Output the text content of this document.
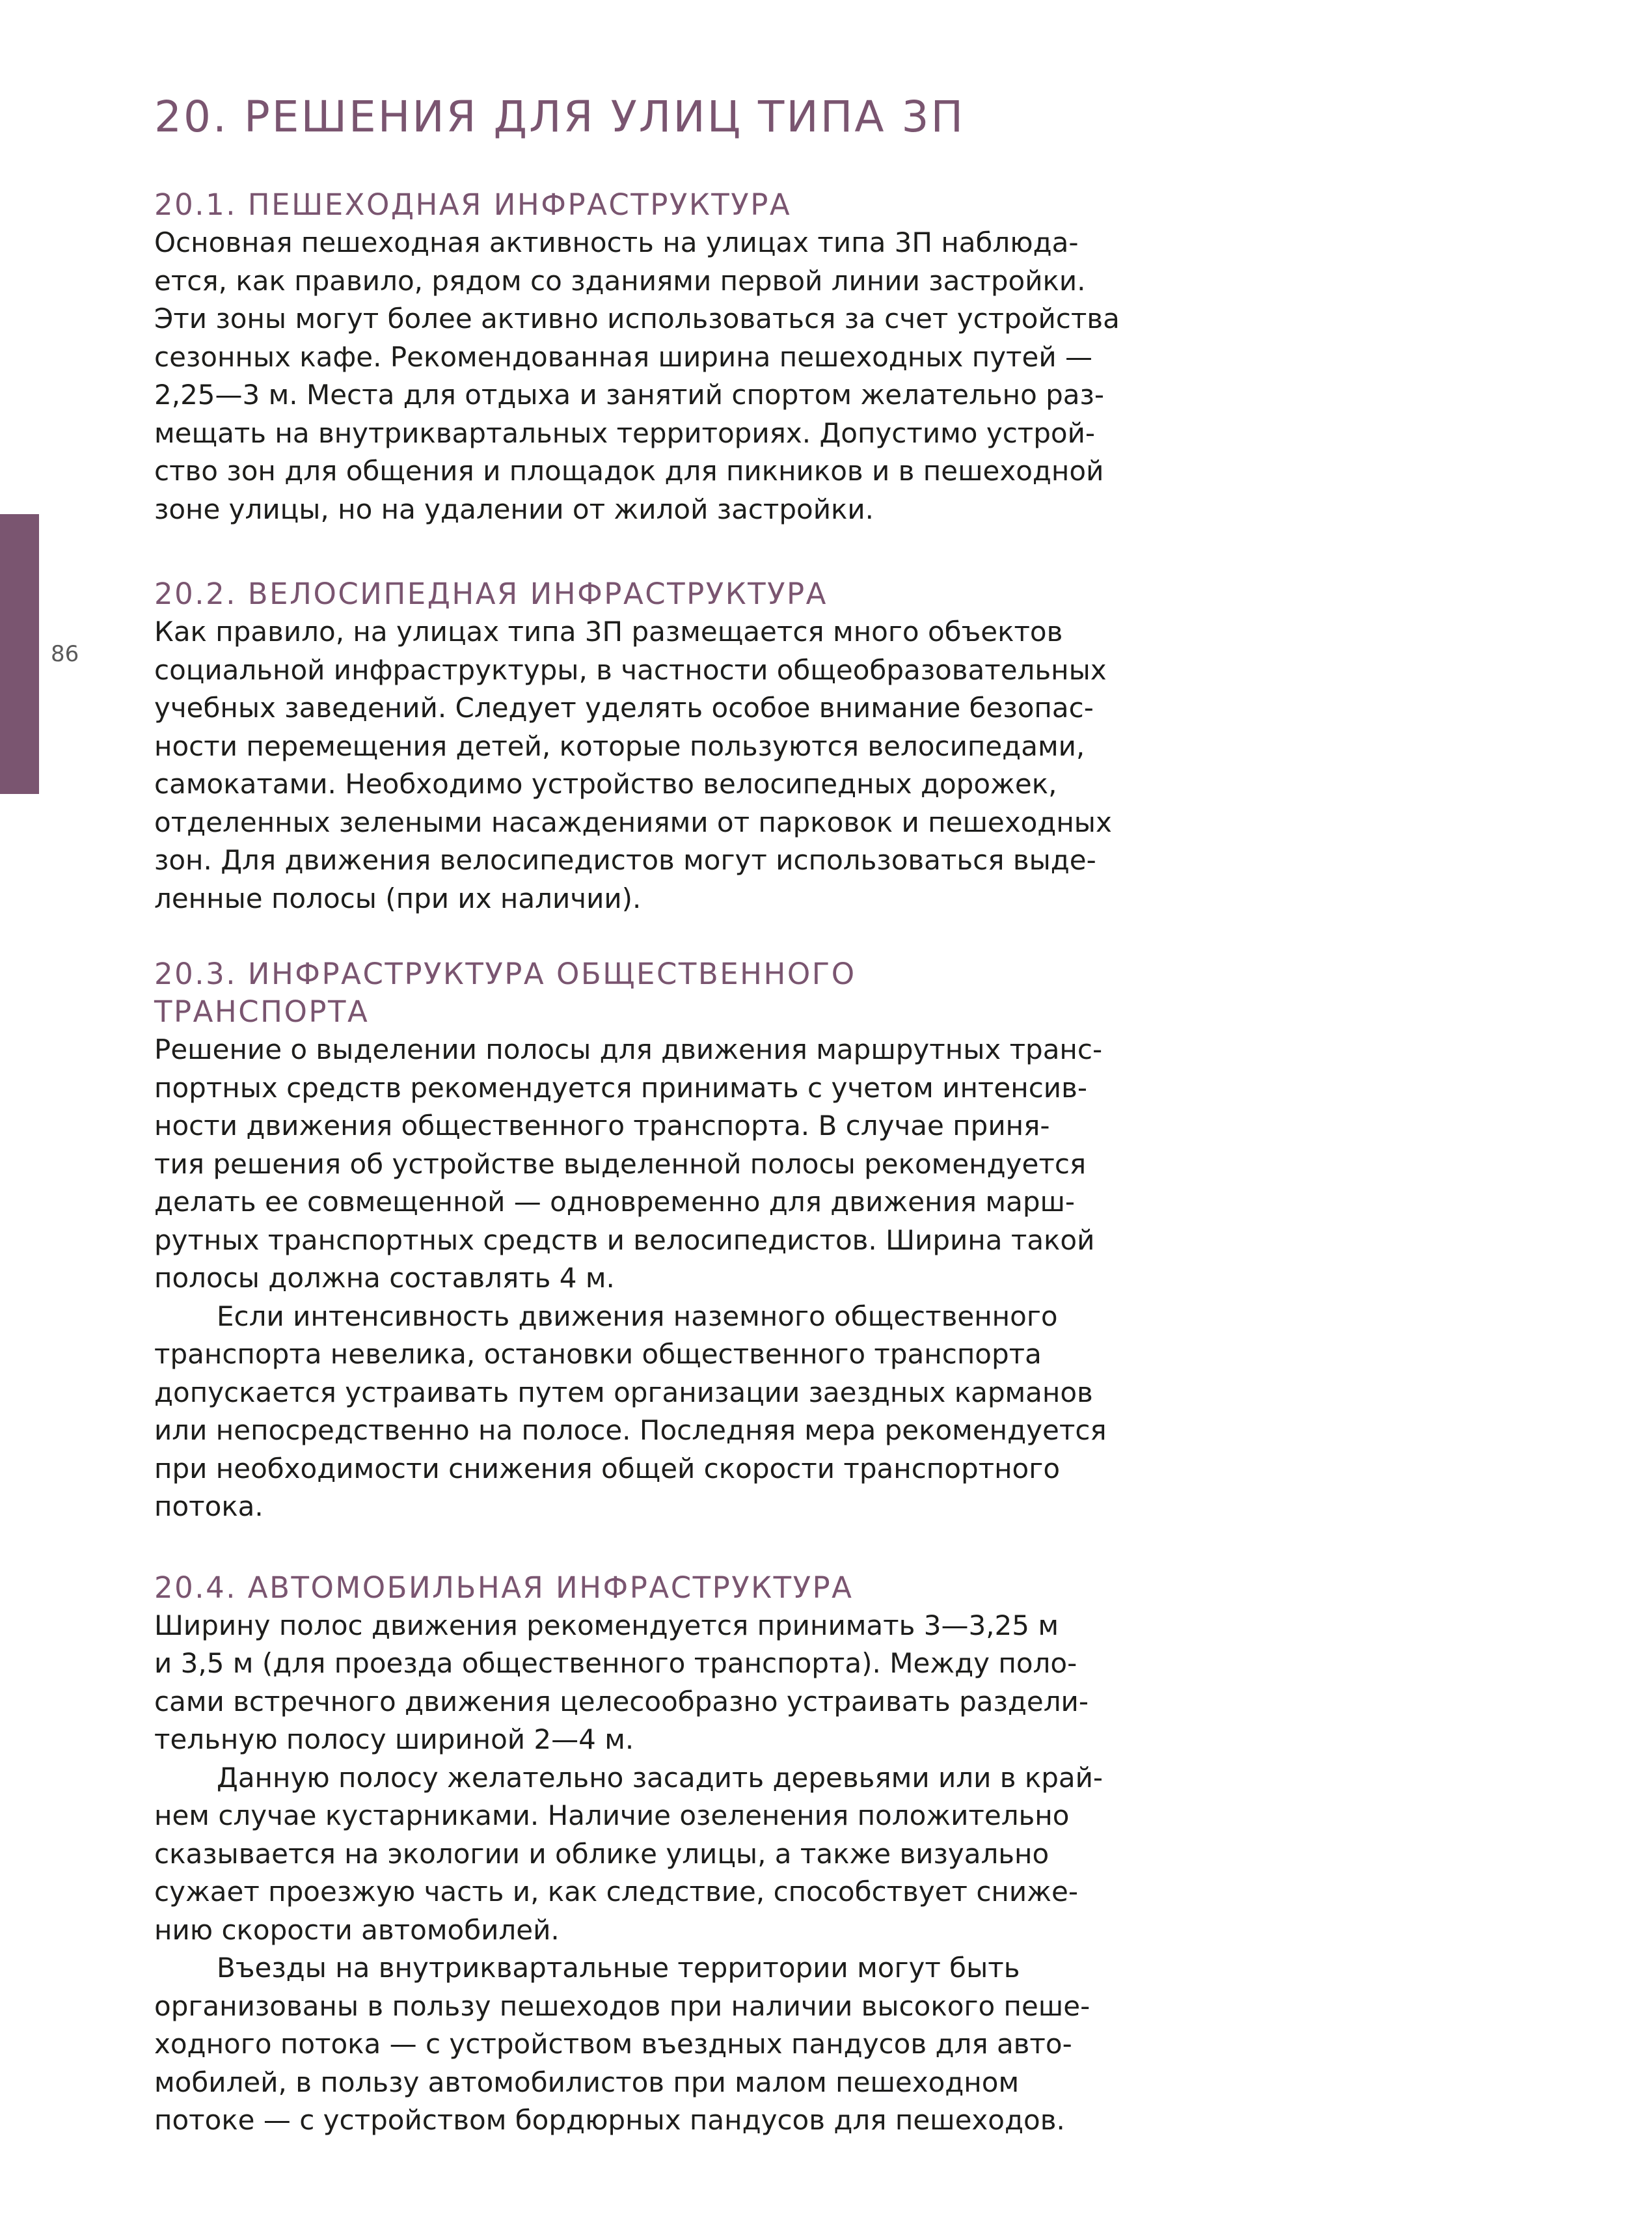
86
20. РЕШЕНИЯ ДЛЯ УЛИЦ ТИПА 3П
20.1. ПЕШЕХОДНАЯ ИНФРАСТРУКТУРА

Основная пешеходная активность на улицах типа 3П наблюда-
ется, как правило, рядом со зданиями первой линии застройки.
Эти зоны могут более активно использоваться за счет устройства
сезонных кафе. Рекомендованная ширина пешеходных путей —
2,25—3 м. Места для отдыха и занятий спортом желательно раз-
мещать на внутриквартальных территориях. Допустимо устрой-
ство зон для общения и площадок для пикников и в пешеходной
зоне улицы, но на удалении от жилой застройки.

20.2. ВЕЛОСИПЕДНАЯ ИНФРАСТРУКТУРА

Как правило, на улицах типа 3П размещается много объектов
социальной инфраструктуры, в частности общеобразовательных
учебных заведений. Следует уделять особое внимание безопас-
ности перемещения детей, которые пользуются велосипедами,
самокатами. Необходимо устройство велосипедных дорожек,
отделенных зелеными насаждениями от парковок и пешеходных
зон. Для движения велосипедистов могут использоваться выде-
ленные полосы (при их наличии).

20.3. ИНФРАСТРУКТУРА ОБЩЕСТВЕННОГО
ТРАНСПОРТА

Решение о выделении полосы для движения маршрутных транс-
портных средств рекомендуется принимать с учетом интенсив-
ности движения общественного транспорта. В случае приня-
тия решения об устройстве выделенной полосы рекомендуется
делать ее совмещенной — одновременно для движения марш-
рутных транспортных средств и велосипедистов. Ширина такой
полосы должна составлять 4 м.

Если интенсивность движения наземного общественного
транспорта невелика, остановки общественного транспорта
допускается устраивать путем организации заездных карманов
или непосредственно на полосе. Последняя мера рекомендуется
при необходимости снижения общей скорости транспортного
потока.

20.4. АВТОМОБИЛЬНАЯ ИНФРАСТРУКТУРА

Ширину полос движения рекомендуется принимать 3—3,25 м
и 3,5 м (для проезда общественного транспорта). Между поло-
сами встречного движения целесообразно устраивать раздели-
тельную полосу шириной 2—4 м.

Данную полосу желательно засадить деревьями или в край-
нем случае кустарниками. Наличие озеленения положительно
сказывается на экологии и облике улицы, а также визуально
сужает проезжую часть и, как следствие, способствует сниже-
нию скорости автомобилей.

Въезды на внутриквартальные территории могут быть
организованы в пользу пешеходов при наличии высокого пеше-
ходного потока — с устройством въездных пандусов для авто-
мобилей, в пользу автомобилистов при малом пешеходном
потоке — с устройством бордюрных пандусов для пешеходов.
